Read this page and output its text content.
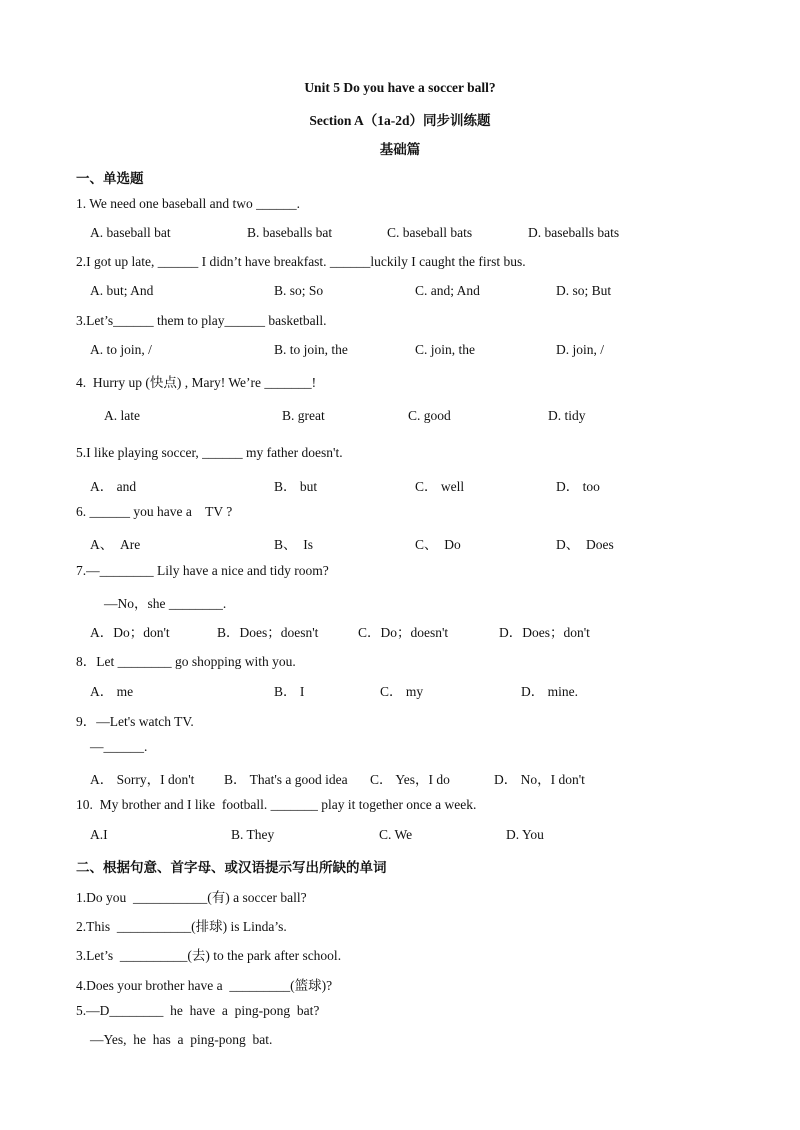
Unit 5 Do you have a soccer ball?
Section A（1a-2d）同步训练题
基础篇
一、单选题
1. We need one baseball and two ______.
A. baseball bat	B. baseballs bat	C. baseball bats	D. baseballs bats
2.I got up late, ______ I didn’t have breakfast. ______luckily I caught the first bus.
A. but; And	B. so; So	C. and; And	D. so; But
3.Let’s______ them to play______ basketball.
A. to join, /	B. to join, the	C. join, the	D. join, /
4.  Hurry up (快点) , Mary! We’re _______!
A. late	B. great	C. good	D. tidy
5.I like playing soccer, ______ my father doesn't.
A． and	B． but	C． well	D． too
6. ______ you have a    TV ?
A、  Are	B、  Is	C、  Do	D、  Does
7.—________ Lily have a nice and tidy room?
—No，she ________.
A．Do；don't	B．Does；doesn't	C．Do；doesn't	D．Does；don't
8．Let ________ go shopping with you.
A． me	B． I	C． my	D． mine.
9．—Let's watch TV.
—______.
A． Sorry，I don't B． That's a good idea C． Yes，I do	D． No，I don't
10.  My brother and I like  football. _______ play it together once a week.
A.I	B. They	C. We	D. You
二、根据句意、首字母、或汉语提示写出所缺的单词
1.Do you  ___________(有) a soccer ball?
2.This  ___________(排球) is Linda’s.
3.Let’s  __________(去) to the park after school.
4.Does your brother have a  _________(篮球)?
5.—D________  he  have  a  ping-pong  bat?
—Yes,  he  has  a  ping-pong  bat.
